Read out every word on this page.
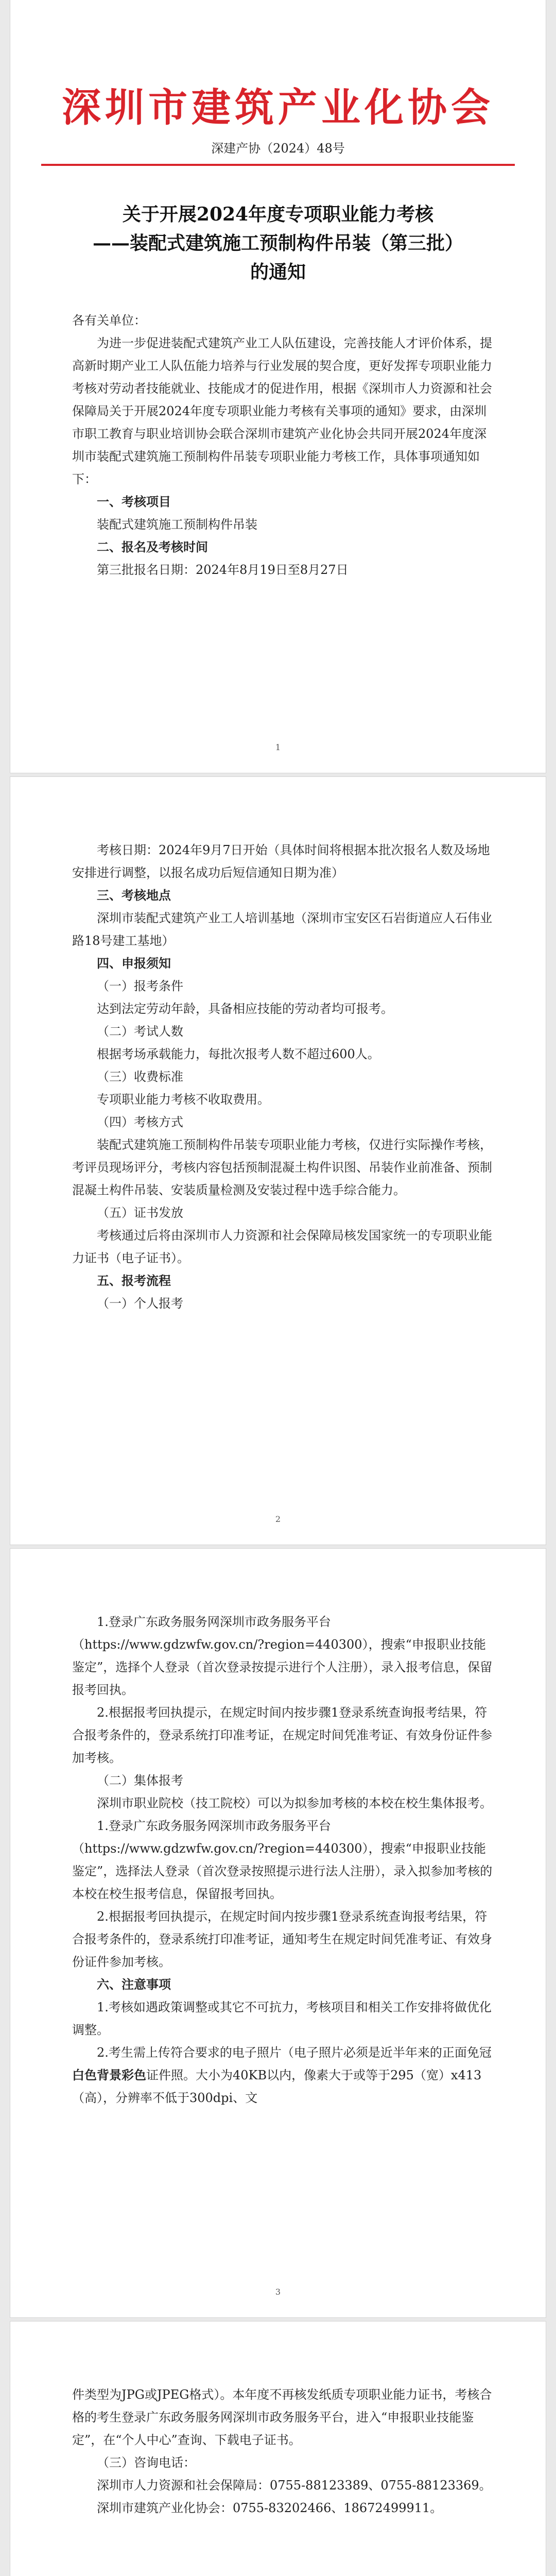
深圳市建筑产业化协会
深建产协（2024）48号
关于开展2024年度专项职业能力考核
——装配式建筑施工预制构件吊装（第三批）
的通知

各有关单位：

为进一步促进装配式建筑产业工人队伍建设，完善技能人才评价体系，提高新时期产业工人队伍能力培养与行业发展的契合度，更好发挥专项职业能力考核对劳动者技能就业、技能成才的促进作用，根据《深圳市人力资源和社会保障局关于开展2024年度专项职业能力考核有关事项的通知》要求，由深圳市职工教育与职业培训协会联合深圳市建筑产业化协会共同开展2024年度深圳市装配式建筑施工预制构件吊装专项职业能力考核工作，具体事项通知如下：

一、考核项目

装配式建筑施工预制构件吊装

二、报名及考核时间

第三批报名日期：2024年8月19日至8月27日

1

考核日期：2024年9月7日开始（具体时间将根据本批次报名人数及场地安排进行调整，以报名成功后短信通知日期为准）

三、考核地点

深圳市装配式建筑产业工人培训基地（深圳市宝安区石岩街道应人石伟业路18号建工基地）

四、申报须知

（一）报考条件

达到法定劳动年龄，具备相应技能的劳动者均可报考。

（二）考试人数

根据考场承载能力，每批次报考人数不超过600人。

（三）收费标准

专项职业能力考核不收取费用。

（四）考核方式

装配式建筑施工预制构件吊装专项职业能力考核，仅进行实际操作考核，考评员现场评分，考核内容包括预制混凝土构件识图、吊装作业前准备、预制混凝土构件吊装、安装质量检测及安装过程中选手综合能力。

（五）证书发放

考核通过后将由深圳市人力资源和社会保障局核发国家统一的专项职业能力证书（电子证书）。

五、报考流程

（一）个人报考

2

1.登录广东政务服务网深圳市政务服务平台（https://www.gdzwfw.gov.cn/?region=440300），搜索“申报职业技能鉴定”，选择个人登录（首次登录按提示进行个人注册），录入报考信息，保留报考回执。

2.根据报考回执提示，在规定时间内按步骤1登录系统查询报考结果，符合报考条件的，登录系统打印准考证，在规定时间凭准考证、有效身份证件参加考核。

（二）集体报考

深圳市职业院校（技工院校）可以为拟参加考核的本校在校生集体报考。

1.登录广东政务服务网深圳市政务服务平台（https://www.gdzwfw.gov.cn/?region=440300），搜索“申报职业技能鉴定”，选择法人登录（首次登录按照提示进行法人注册），录入拟参加考核的本校在校生报考信息，保留报考回执。

2.根据报考回执提示，在规定时间内按步骤1登录系统查询报考结果，符合报考条件的，登录系统打印准考证，通知考生在规定时间凭准考证、有效身份证件参加考核。

六、注意事项

1.考核如遇政策调整或其它不可抗力，考核项目和相关工作安排将做优化调整。

2.考生需上传符合要求的电子照片（电子照片必须是近半年来的正面免冠白色背景彩色证件照。大小为40KB以内，像素大于或等于295（宽）x413（高），分辨率不低于300dpi、文

3

件类型为JPG或JPEG格式）。本年度不再核发纸质专项职业能力证书，考核合格的考生登录广东政务服务网深圳市政务服务平台，进入“申报职业技能鉴定”，在“个人中心”查询、下载电子证书。

（三）咨询电话：

深圳市人力资源和社会保障局：0755-88123389、0755-88123369。

深圳市建筑产业化协会：0755-83202466、18672499911。
